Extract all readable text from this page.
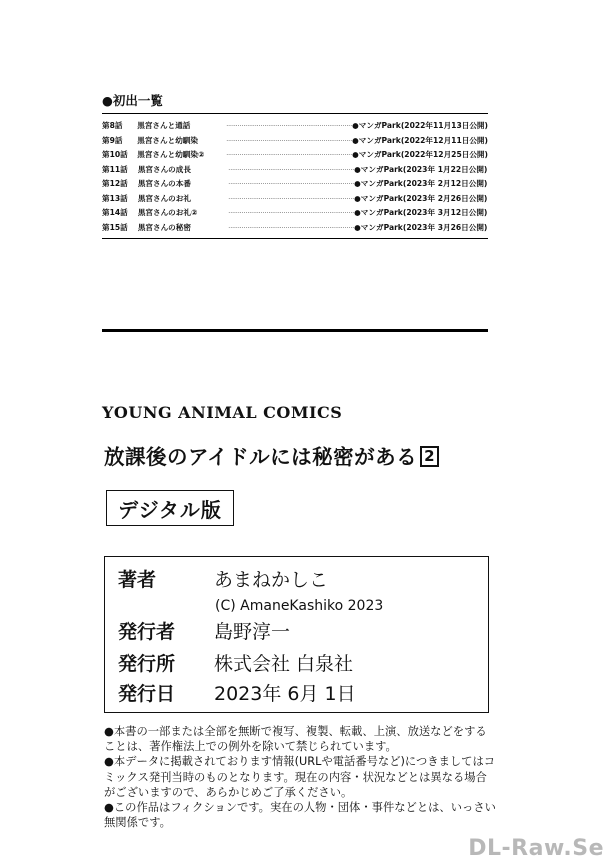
●初出一覧
第8話	黒宮さんと通話	·································································· ●マンガPark(2022年11月13日公開)
第9話	黒宮さんと幼馴染	·································································· ●マンガPark(2022年12月11日公開)
第10話	黒宮さんと幼馴染②	·································································· ●マンガPark(2022年12月25日公開)
第11話	黒宮さんの成長	·································································· ●マンガPark(2023年 1月22日公開)
第12話	黒宮さんの本番	·································································· ●マンガPark(2023年 2月12日公開)
第13話	黒宮さんのお礼	·································································· ●マンガPark(2023年 2月26日公開)
第14話	黒宮さんのお礼②	·································································· ●マンガPark(2023年 3月12日公開)
第15話	黒宮さんの秘密	·································································· ●マンガPark(2023年 3月26日公開)
YOUNG ANIMAL COMICS
放課後のアイドルには秘密がある 2
デジタル版
著者	あまねかしこ
(C) AmaneKashiko 2023
発行者 島野淳一
発行所 株式会社 白泉社
発行日 2023年 6月 1日

●本書の一部または全部を無断で複写、複製、転載、上演、放送などをすることは、著作権法上での例外を除いて禁じられています。

●本データに掲載されております情報(URLや電話番号など)につきましてはコミックス発刊当時のものとなります。現在の内容・状況などとは異なる場合がございますので、あらかじめご了承ください。

●この作品はフィクションです。実在の人物・団体・事件などとは、いっさい無関係です。

DL-Raw.Se
